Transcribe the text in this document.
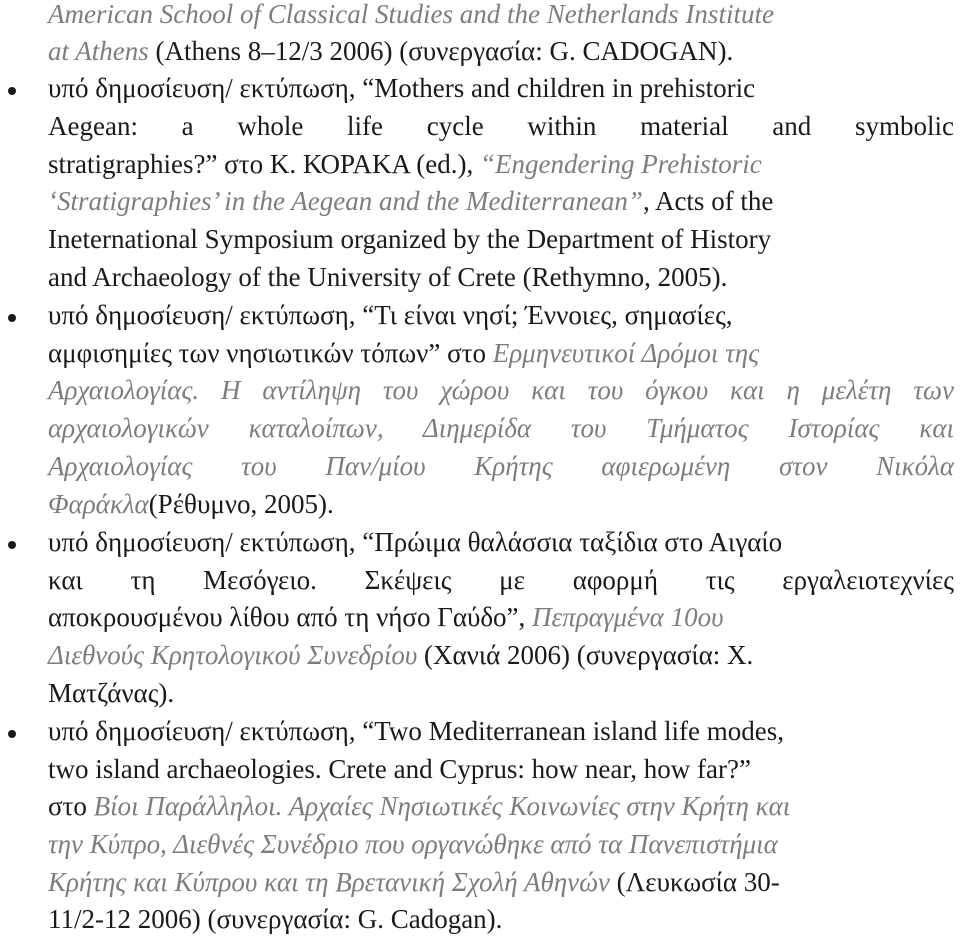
American School of Classical Studies and the Netherlands Institute
at Athens (Athens 8–12/3 2006) (συνεργασία: G. CADOGAN).
υπό δημοσίευση/ εκτύπωση, “Mothers and children in prehistoric
Aegean: a whole life cycle within material and symbolic
stratigraphies?” στο Κ. ΚΟΡΑΚΑ (ed.), “Engendering Prehistoric
‘Stratigraphies’ in the Aegean and the Mediterranean”, Acts of the
Ineternational Symposium organized by the Department of History
and Archaeology of the University of Crete (Rethymno, 2005).
υπό δημοσίευση/ εκτύπωση, “Τι είναι νησί; Έννοιες, σημασίες,
αμφισημίες των νησιωτικών τόπων” στο Ερμηνευτικοί Δρόμοι της
Αρχαιολογίας. Η αντίληψη του χώρου και του όγκου και η μελέτη των
αρχαιολογικών καταλοίπων, Διημερίδα του Τμήματος Ιστορίας και
Αρχαιολογίας του Παν/μίου Κρήτης αφιερωμένη στον Νικόλα
Φαράκλα(Ρέθυμνο, 2005).
υπό δημοσίευση/ εκτύπωση, “Πρώιμα θαλάσσια ταξίδια στο Αιγαίο
και τη Μεσόγειο. Σκέψεις με αφορμή τις εργαλειοτεχνίες
αποκρουσμένου λίθου από τη νήσο Γαύδο”, Πεπραγμένα 10ου
Διεθνούς Κρητολογικού Συνεδρίου (Χανιά 2006) (συνεργασία: Χ.
Ματζάνας).
υπό δημοσίευση/ εκτύπωση, “Two Mediterranean island life modes,
two island archaeologies. Crete and Cyprus: how near, how far?”
στο Βίοι Παράλληλοι. Αρχαίες Νησιωτικές Κοινωνίες στην Κρήτη και
την Κύπρο, Διεθνές Συνέδριο που οργανώθηκε από τα Πανεπιστήμια
Κρήτης και Κύπρου και τη Βρετανική Σχολή Αθηνών (Λευκωσία 30-
11/2-12 2006) (συνεργασία: G. Cadogan).
